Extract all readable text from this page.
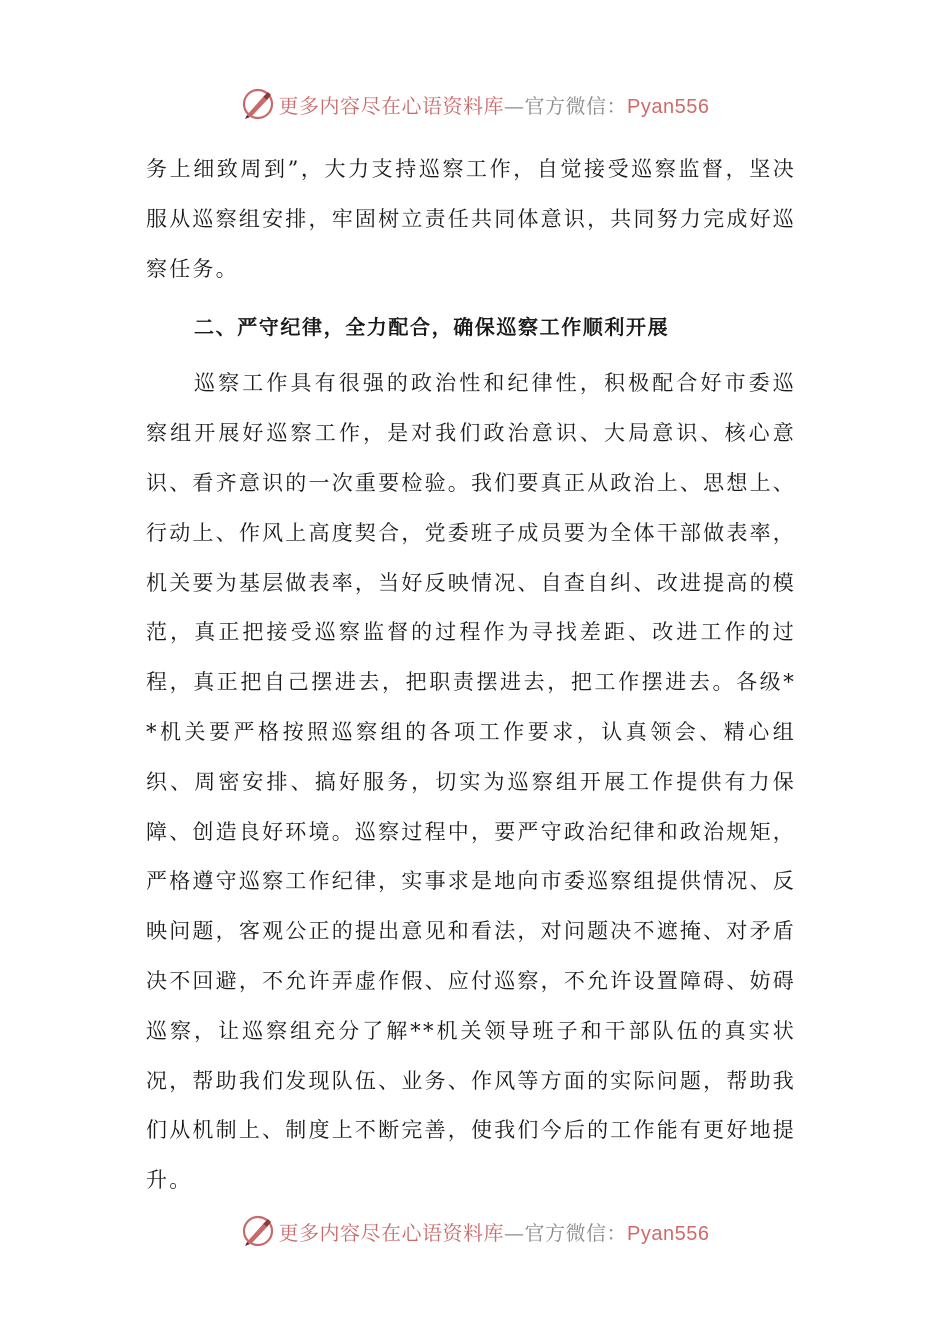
更多内容尽在心语资料库—官方微信：Pyan556

务上细致周到”，大力支持巡察工作，自觉接受巡察监督，坚决服从巡察组安排，牢固树立责任共同体意识，共同努力完成好巡察任务。

二、严守纪律，全力配合，确保巡察工作顺利开展

巡察工作具有很强的政治性和纪律性，积极配合好市委巡察组开展好巡察工作，是对我们政治意识、大局意识、核心意识、看齐意识的一次重要检验。我们要真正从政治上、思想上、行动上、作风上高度契合，党委班子成员要为全体干部做表率，机关要为基层做表率，当好反映情况、自查自纠、改进提高的模范，真正把接受巡察监督的过程作为寻找差距、改进工作的过程，真正把自己摆进去，把职责摆进去，把工作摆进去。各级**机关要严格按照巡察组的各项工作要求，认真领会、精心组织、周密安排、搞好服务，切实为巡察组开展工作提供有力保障、创造良好环境。巡察过程中，要严守政治纪律和政治规矩，严格遵守巡察工作纪律，实事求是地向市委巡察组提供情况、反映问题，客观公正的提出意见和看法，对问题决不遮掩、对矛盾决不回避，不允许弄虚作假、应付巡察，不允许设置障碍、妨碍巡察，让巡察组充分了解**机关领导班子和干部队伍的真实状况，帮助我们发现队伍、业务、作风等方面的实际问题，帮助我们从机制上、制度上不断完善，使我们今后的工作能有更好地提升。

更多内容尽在心语资料库—官方微信：Pyan556
